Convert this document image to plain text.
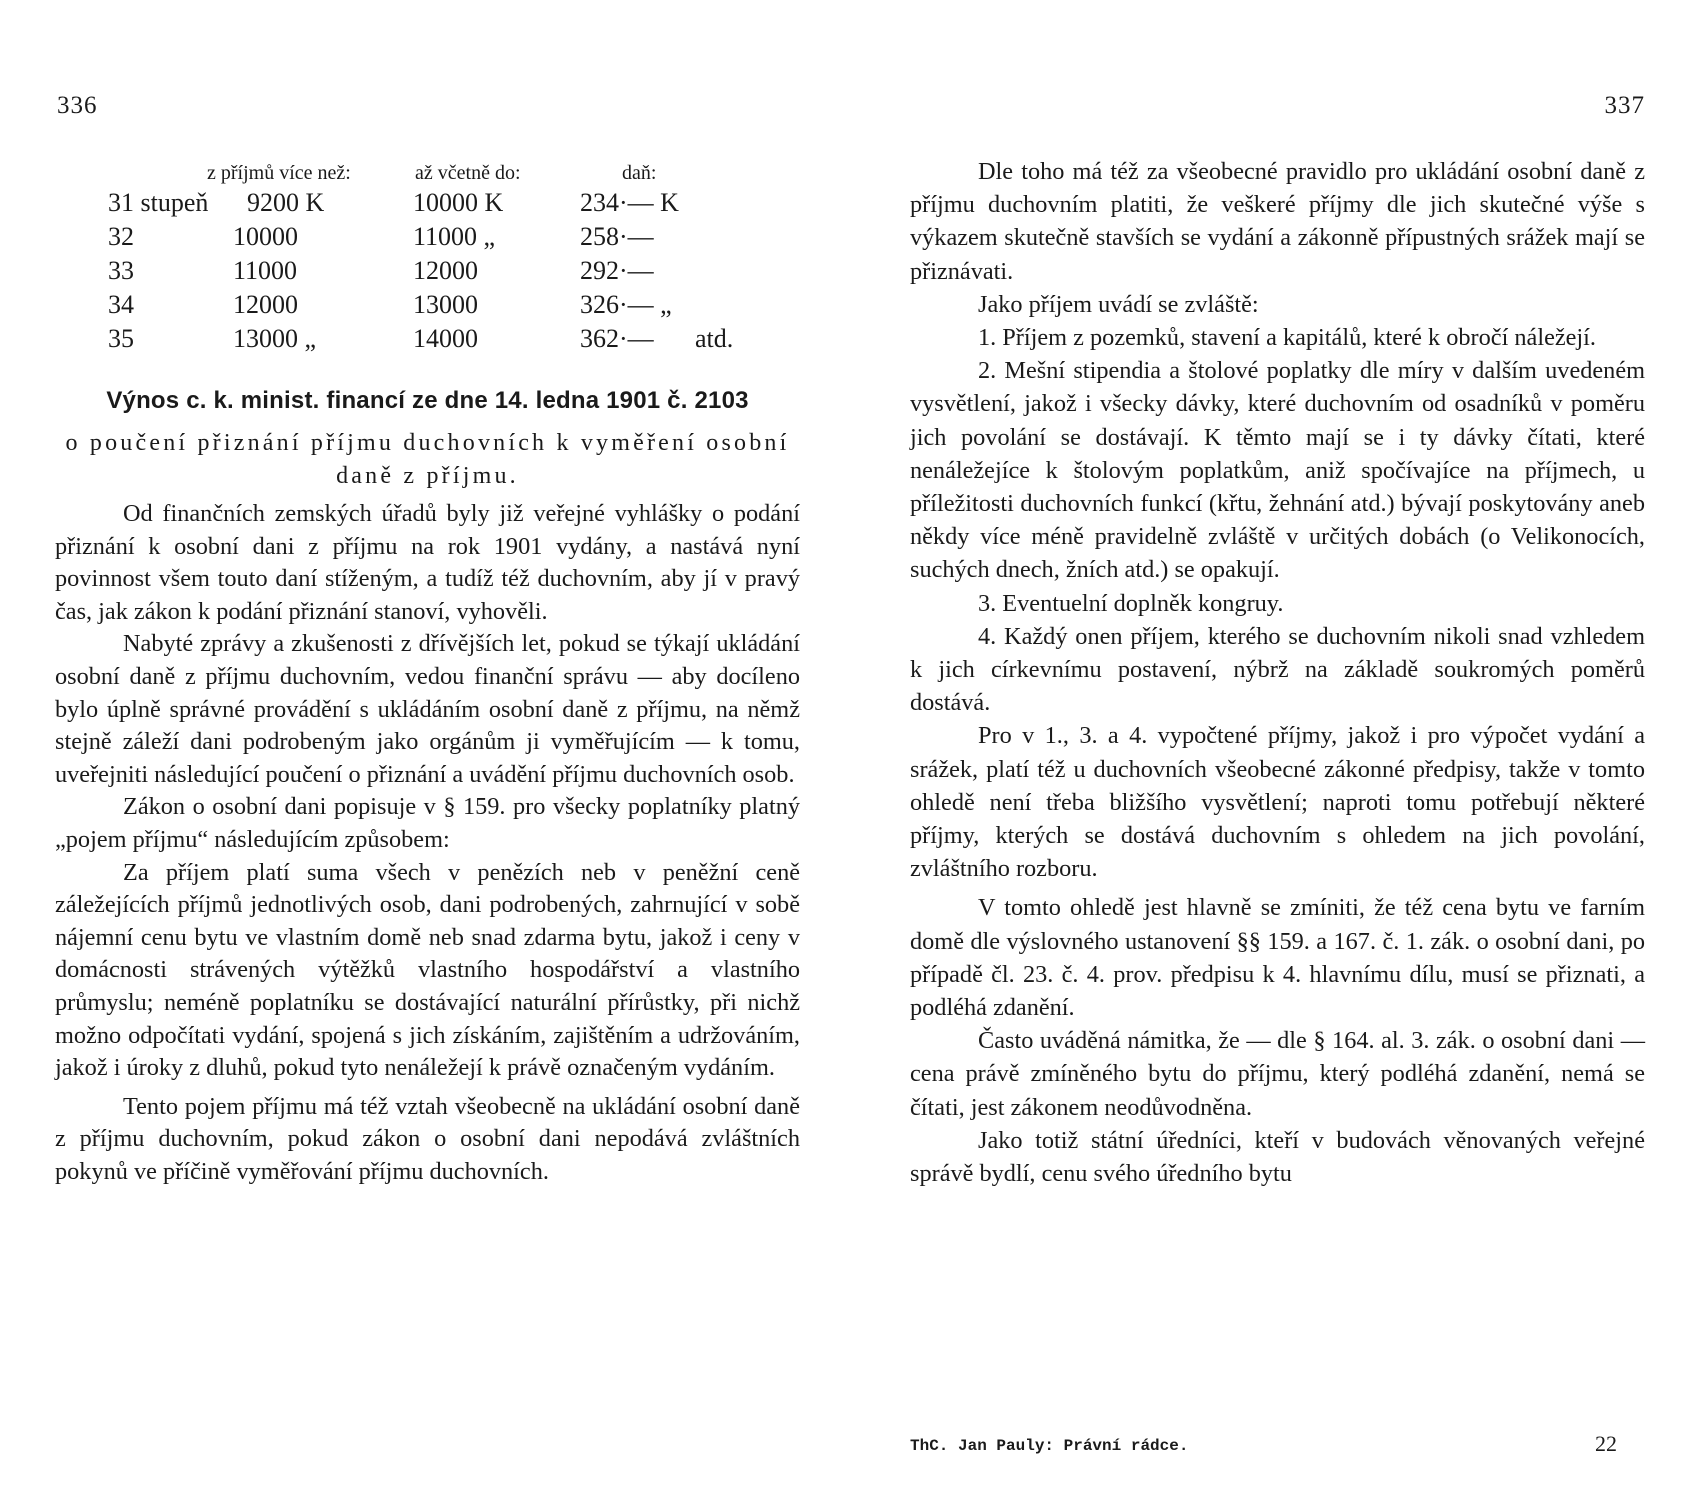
336
z příjmů více než:	až včetně do:	daň:
31 stupeň 9200 K	10000 K	234·— K
32	10000	11000 „	258·—
33	11000	12000	292·—
34	12000	13000	326·— „
35	13000 „	14000	362·— atd.
Výnos c. k. minist. financí ze dne 14. ledna 1901 č. 2103
o poučení přiznání příjmu duchovních k vyměření osobní daně z příjmu.

Od finančních zemských úřadů byly již veřejné vyhlášky o podání přiznání k osobní dani z příjmu na rok 1901 vydány, a nastává nyní povinnost všem touto daní stíženým, a tudíž též duchovním, aby jí v pravý čas, jak zákon k podání přiznání stanoví, vyhověli.

Nabyté zprávy a zkušenosti z dřívějších let, pokud se týkají ukládání osobní daně z příjmu duchovním, vedou finanční správu — aby docíleno bylo úplně správné provádění s ukládáním osobní daně z příjmu, na němž stejně záleží dani podrobeným jako orgánům ji vyměřujícím — k tomu, uveřejniti následující poučení o přiznání a uvádění příjmu duchovních osob.

Zákon o osobní dani popisuje v § 159. pro všecky poplatníky platný „pojem příjmu“ následujícím způsobem:

Za příjem platí suma všech v penězích neb v peněžní ceně záležejících příjmů jednotlivých osob, dani podrobených, zahrnující v sobě nájemní cenu bytu ve vlastním domě neb snad zdarma bytu, jakož i ceny v domácnosti strávených výtěžků vlastního hospodářství a vlastního průmyslu; neméně poplatníku se dostávající naturální přírůstky, při nichž možno odpočítati vydání, spojená s jich získáním, zajištěním a udržováním, jakož i úroky z dluhů, pokud tyto nenáležejí k právě označeným vydáním.

Tento pojem příjmu má též vztah všeobecně na ukládání osobní daně z příjmu duchovním, pokud zákon o osobní dani nepodává zvláštních pokynů ve příčině vyměřování příjmu duchovních.

337

Dle toho má též za všeobecné pravidlo pro ukládání osobní daně z příjmu duchovním platiti, že veškeré příjmy dle jich skutečné výše s výkazem skutečně stavších se vydání a zákonně přípustných srážek mají se přiznávati.

Jako příjem uvádí se zvláště:

1. Příjem z pozemků, stavení a kapitálů, které k obročí náležejí.

2. Mešní stipendia a štolové poplatky dle míry v dalším uvedeném vysvětlení, jakož i všecky dávky, které duchovním od osadníků v poměru jich povolání se dostávají. K těmto mají se i ty dávky čítati, které nenáležejíce k štolovým poplatkům, aniž spočívajíce na příjmech, u příležitosti duchovních funkcí (křtu, žehnání atd.) bývají poskytovány aneb někdy více méně pravidelně zvláště v určitých dobách (o Velikonocích, suchých dnech, žních atd.) se opakují.

3. Eventuelní doplněk kongruy.

4. Každý onen příjem, kterého se duchovním nikoli snad vzhledem k jich církevnímu postavení, nýbrž na základě soukromých poměrů dostává.

Pro v 1., 3. a 4. vypočtené příjmy, jakož i pro výpočet vydání a srážek, platí též u duchovních všeobecné zákonné předpisy, takže v tomto ohledě není třeba bližšího vysvětlení; naproti tomu potřebují některé příjmy, kterých se dostává duchovním s ohledem na jich povolání, zvláštního rozboru.

V tomto ohledě jest hlavně se zmíniti, že též cena bytu ve farním domě dle výslovného ustanovení §§ 159. a 167. č. 1. zák. o osobní dani, po případě čl. 23. č. 4. prov. předpisu k 4. hlavnímu dílu, musí se přiznati, a podléhá zdanění.

Často uváděná námitka, že — dle § 164. al. 3. zák. o osobní dani — cena právě zmíněného bytu do příjmu, který podléhá zdanění, nemá se čítati, jest zákonem neodůvodněna.

Jako totiž státní úředníci, kteří v budovách věnovaných veřejné správě bydlí, cenu svého úředního bytu

ThC. Jan Pauly: Právní rádce.	22
